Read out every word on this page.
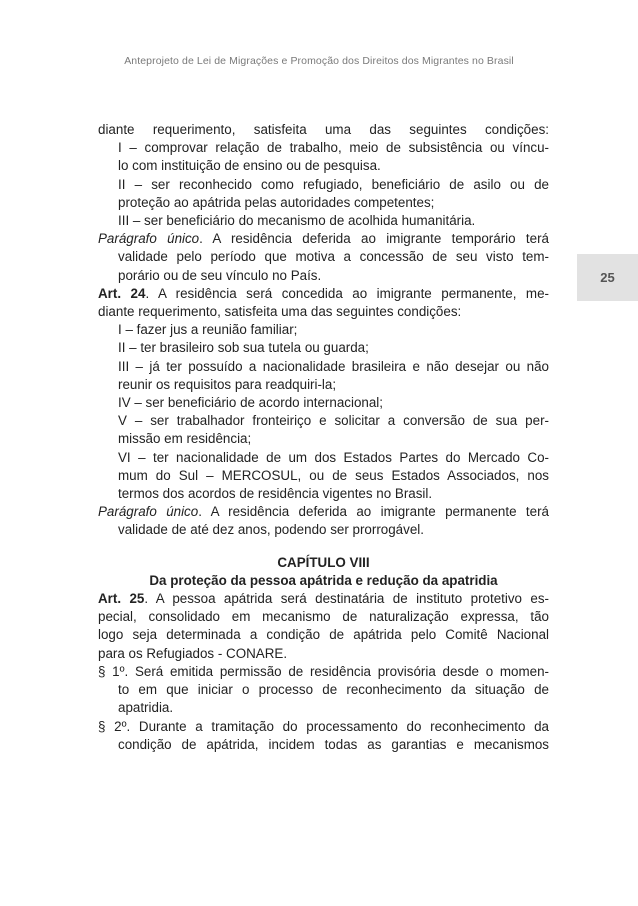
Anteprojeto de Lei de Migrações e Promoção dos Direitos dos Migrantes no Brasil
25
diante requerimento, satisfeita uma das seguintes condições:
I – comprovar relação de trabalho, meio de subsistência ou víncu-
lo com instituição de ensino ou de pesquisa.
II – ser reconhecido como refugiado, beneficiário de asilo ou de
proteção ao apátrida pelas autoridades competentes;
III – ser beneficiário do mecanismo de acolhida humanitária.
Parágrafo único. A residência deferida ao imigrante temporário terá
validade pelo período que motiva a concessão de seu visto tem-
porário ou de seu vínculo no País.
Art. 24. A residência será concedida ao imigrante permanente, me-
diante requerimento, satisfeita uma das seguintes condições:
I – fazer jus a reunião familiar;
II – ter brasileiro sob sua tutela ou guarda;
III – já ter possuído a nacionalidade brasileira e não desejar ou não
reunir os requisitos para readquiri-la;
IV – ser beneficiário de acordo internacional;
V – ser trabalhador fronteiriço e solicitar a conversão de sua per-
missão em residência;
VI – ter nacionalidade de um dos Estados Partes do Mercado Co-
mum do Sul – MERCOSUL, ou de seus Estados Associados, nos
termos dos acordos de residência vigentes no Brasil.
Parágrafo único. A residência deferida ao imigrante permanente terá
validade de até dez anos, podendo ser prorrogável.
CAPÍTULO VIII
Da proteção da pessoa apátrida e redução da apatridia
Art. 25. A pessoa apátrida será destinatária de instituto protetivo es-
pecial, consolidado em mecanismo de naturalização expressa, tão
logo seja determinada a condição de apátrida pelo Comitê Nacional
para os Refugiados - CONARE.
§ 1º. Será emitida permissão de residência provisória desde o momen-
to em que iniciar o processo de reconhecimento da situação de
apatridia.
§ 2º. Durante a tramitação do processamento do reconhecimento da
condição de apátrida, incidem todas as garantias e mecanismos
